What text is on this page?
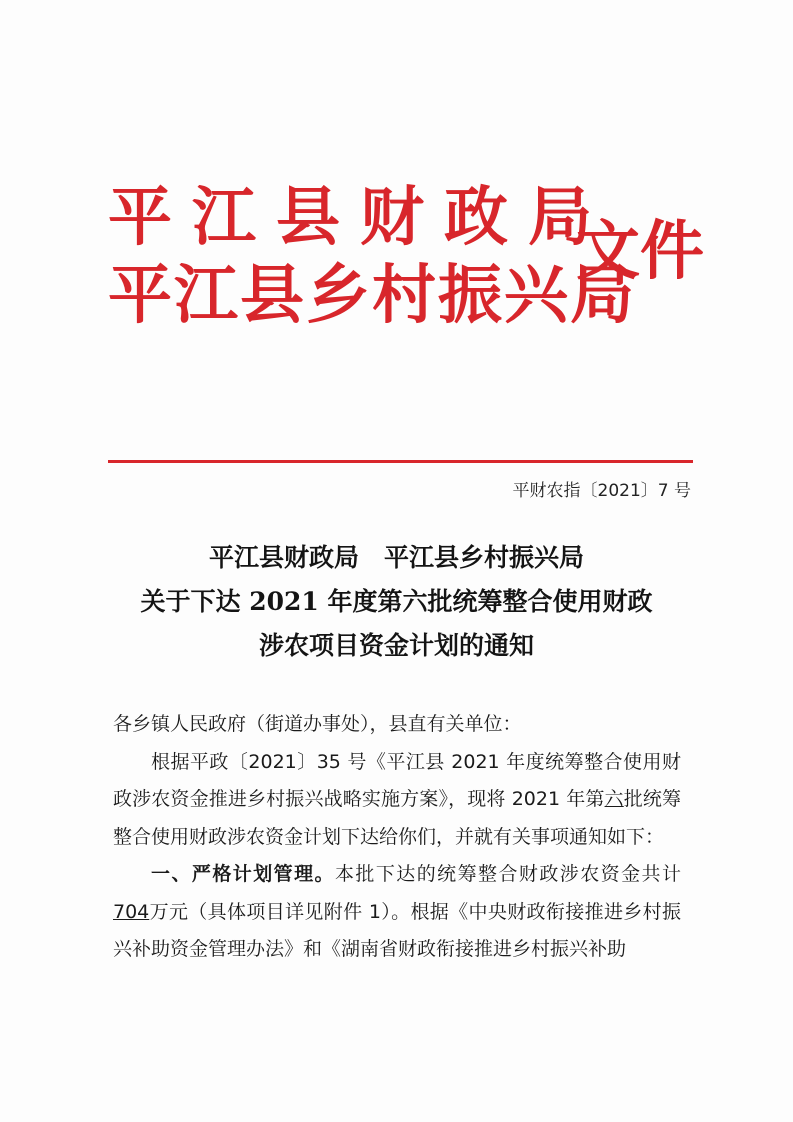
平江县财政局

平江县乡村振兴局

文件

平财农指〔2021〕7 号

平江县财政局　平江县乡村振兴局
关于下达 2021 年度第六批统筹整合使用财政
涉农项目资金计划的通知

各乡镇人民政府（街道办事处），县直有关单位：

根据平政〔2021〕35 号《平江县 2021 年度统筹整合使用财政涉农资金推进乡村振兴战略实施方案》，现将 2021 年第六批统筹整合使用财政涉农资金计划下达给你们，并就有关事项通知如下：

一、严格计划管理。本批下达的统筹整合财政涉农资金共计704万元（具体项目详见附件 1）。根据《中央财政衔接推进乡村振兴补助资金管理办法》和《湖南省财政衔接推进乡村振兴补助
